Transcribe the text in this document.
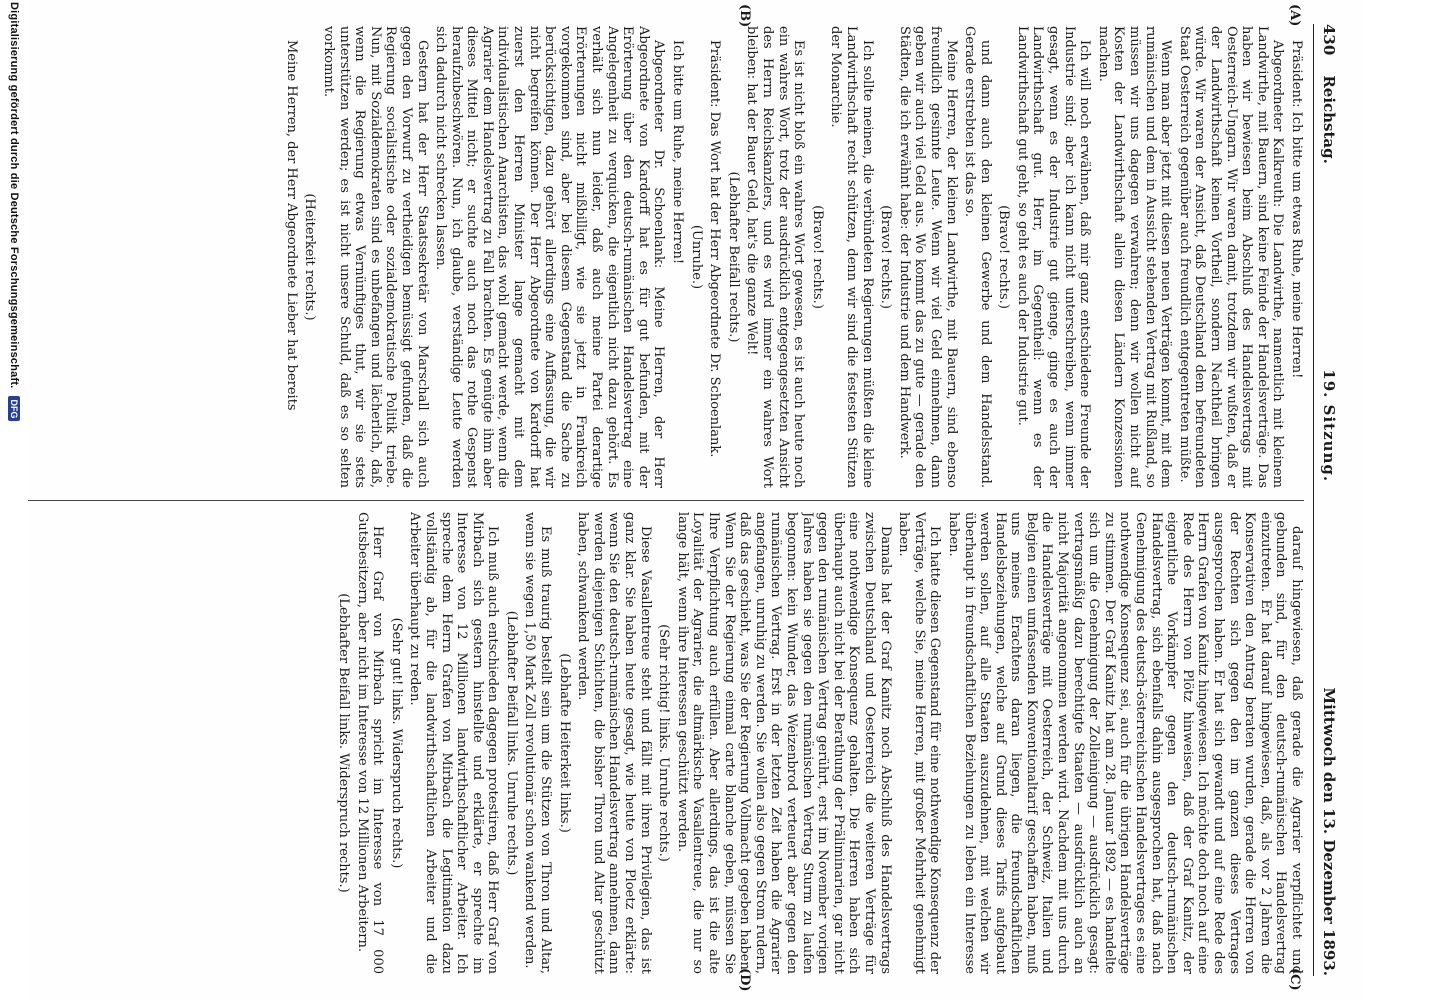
430
Reichstag.
19. Sitzung.
Mittwoch den 13. Dezember 1893.
(A)
(B)
(C)
(D)

Präsident: Ich bitte um etwas Ruhe, meine Herren!

Abgeordneter Kalkreuth: Die Landwirthe, namentlich mit kleinem Landwirthe, mit Bauern, sind keine Feinde der Handelsverträge. Das haben wir bewiesen beim Abschluß des Handelsvertrags mit Oesterreich-Ungarn. Wir waren damit, trotzdem wir wußten, daß er der Landwirthschaft keinen Vortheil, sondern Nachtheil bringen würde. Wir waren der Ansicht, daß Deutschland dem befreundeten Staat Oesterreich gegenüber auch freundlich entgegentreten müßte.

Wenn man aber jetzt mit diesen neuen Verträgen kommt, mit dem rumänischen und dem in Aussicht stehenden Vertrag mit Rußland, so müssen wir uns dagegen verwahren; denn wir wollen nicht auf Kosten der Landwirthschaft allein diesen Ländern Konzessionen machen.

Ich will noch erwähnen, daß mir ganz entschiedene Freunde der Industrie sind; aber ich kann nicht unterschreiben, wenn immer gesagt, wenn es der Industrie gut gienge, ginge es auch der Landwirthschaft gut. Herr, im Gegentheil: wenn es der Landwirthschaft gut geht, so geht es auch der Industrie gut.

(Bravo! rechts.)

und dann auch den kleinen Gewerbe und dem Handelsstand. Gerade erstrebten ist das so.

Meine Herren, der kleinen Landwirthe, mit Bauern, sind ebenso freundlich gesinnte Leute. Wenn wir viel Geld einnehmen, dann geben wir auch viel Geld aus. Wo kommt das zu gute — gerade den Städten, die ich erwähnt habe: der Industrie und dem Handwerk.

(Bravo! rechts.)

Ich sollte meinen, die verbündeten Regierungen müßten die kleine Landwirthschaft recht schützen, denn wir sind die festesten Stützen der Monarchie.

(Bravo! rechts.)

Es ist nicht bloß ein wahres Wort gewesen, es ist auch heute noch ein wahres Wort, trotz der ausdrücklich entgegengesetzten Ansicht des Herrn Reichskanzlers, und es wird immer ein wahres Wort bleiben: hat der Bauer Geld, hat's die ganze Welt!

(Lebhafter Beifall rechts.)

Präsident: Das Wort hat der Herr Abgeordnete Dr. Schoenlank.

(Unruhe.)

Ich bitte um Ruhe, meine Herren!

Abgeordneter Dr. Schoenlank: Meine Herren, der Herr Abgeordnete von Kardorff hat es für gut befunden, mit der Erörterung über den deutsch-rumänischen Handelsvertrag eine Angelegenheit zu verquicken, die eigentlich nicht dazu gehört. Es verhält sich nun leider, daß auch meine Partei derartige Erörterungen nicht mißbilligt, wie sie jetzt in Frankreich vorgekommen sind, aber bei diesem Gegenstand die Sache zu berücksichtigen, dazu gehört allerdings eine Auffassung, die wir nicht begreifen können. Der Herr Abgeordnete von Kardorff hat zuerst den Herren Minister lange gemacht mit dem individualistischen Anarchisten, das wohl gemacht werde, wenn die Agrarier dem Handelsvertrag zu Fall brachten. Es genügte ihm aber dieses Mittel nicht; er suchte auch noch das rothe Gespenst heraufzubeschwören. Nun, ich glaube, verständige Leute werden sich dadurch nicht schrecken lassen.

Gestern hat der Herr Staatssekretär von Marschall sich auch gegen den Vorwurf zu vertheidigen bemüssigt gefunden, daß die Regierung socialistische oder sozialdemokratische Politik triebe. Nun, mit Sozialdemokraten sind es unbefangen und lächerlich, daß, wenn die Regierung etwas Vernünftiges thut, wir sie stets unterstützen werden; es ist nicht unsere Schuld, daß es so selten vorkommt.

(Heiterkeit rechts.)

Meine Herren, der Herr Abgeordnete Lieber hat bereits

darauf hingewiesen, daß gerade die Agrarier verpflichtet und gebunden sind, für den deutsch-rumänischen Handelsvertrag einzutreten. Er hat darauf hingewiesen, daß, als vor 2 Jahren die Konservativen den Antrag beraten wurden, gerade die Herren von der Rechten sich gegen den im ganzen dieses Vertrages ausgesprochen haben. Er hat sich gewandt und auf eine Rede des Herrn Grafen von Kanitz hingewiesen. Ich möchte doch noch auf eine Rede des Herrn von Plötz hinweisen, daß der Graf Kanitz, der eigentliche Vorkämpfer gegen den deutsch-rumänischen Handelsvertrag, sich ebenfalls dahin ausgesprochen hat, daß nach Genehmigung des deutsch-österreichischen Handelsvertrages es eine nothwendige Konsequenz sei, auch für die übrigen Handelsverträge zu stimmen. Der Graf Kanitz hat am 28. Januar 1892 — es handelte sich um die Genehmigung der Zolleinigung — ausdrücklich gesagt: vertragsmäßig dazu berechtigte Staaten — ausdrücklich auch an nicht Majorität angenommen werden wird. Nachdem mit uns durch die Handelsverträge mit Oesterreich, der Schweiz, Italien und Belgien einen umfassenden Konventionaltarif geschaffen haben, muß uns meines Erachtens daran liegen, die freundschaftlichen Handelsbeziehungen, welche auf Grund dieses Tarifs aufgebaut werden sollen, auf alle Staaten auszudehnen, mit welchen wir überhaupt in freundschaftlichen Beziehungen zu leben ein Interesse haben.

Ich hatte diesen Gegenstand für eine nothwendige Konsequenz der Verträge, welche Sie, meine Herren, mit großer Mehrheit genehmigt haben.

Damals hat der Graf Kanitz noch Abschluß des Handelsvertrags zwischen Deutschland und Oesterreich die weiteren Verträge für eine nothwendige Konsequenz gehalten. Die Herren haben sich überhaupt auch nicht bei der Berathung der Präliminarien, gar nicht gegen den rumänischen Vertrag gerührt, erst im November vorigen Jahres haben sie gegen den rumänischen Vertrag Sturm zu laufen begonnen: kein Wunder, das Weizenbrod verteuert aber gegen den rumänischen Vertrag. Erst in der letzten Zeit haben die Agrarier angefangen, unruhig zu werden. Sie wollen also gegen Strom rudern, daß das geschieht, was Sie der Regierung Vollmacht gegeben haben. Wenn Sie der Regierung einmal carte blanche geben, müssen Sie Ihre Verpflichtung auch erfüllen. Aber allerdings, das ist die alte Loyalität der Agrarier, die altmärkische Vasallentreue, die nur so lange hält, wenn ihre Interessen geschützt werden.

(Sehr richtig! links. Unruhe rechts.)

Diese Vasallentreue steht und fällt mit ihren Privilegien, das ist ganz klar. Sie haben heute gesagt, wie heute von Ploetz erklärte: wenn Sie den deutsch-rumänischen Handelsvertrag annehmen, dann werden diejenigen Schichten, die bisher Thron und Altar geschützt haben, schwankend werden.

(Lebhafte Heiterkeit links.)

Es muß traurig bestellt sein um die Stützen von Thron und Altar, wenn sie wegen 1,50 Mark Zoll revolutionär schon wankend werden.

(Lebhafter Beifall links. Unruhe rechts.)

Ich muß auch entschieden dagegen protestiren, daß Herr Graf von Mirbach sich gestern hinstellte und erklärte, er sprechte im Interesse von 12 Millionen landwirthschaftlicher Arbeiter. Ich spreche dem Herrn Grafen von Mirbach die Legitimation dazu vollständig ab, für die landwirthschaftlichen Arbeiter und die Arbeiter überhaupt zu reden.

(Sehr gut! links. Widerspruch rechts.)

Herr Graf von Mirbach spricht im Interesse von 17 000 Gutsbesitzern, aber nicht im Interesse von 12 Millionen Arbeitern.

(Lebhafter Beifall links. Widerspruch rechts.)

Digitalisierung gefördert durch die Deutsche Forschungsgemeinschaft.
DFG
